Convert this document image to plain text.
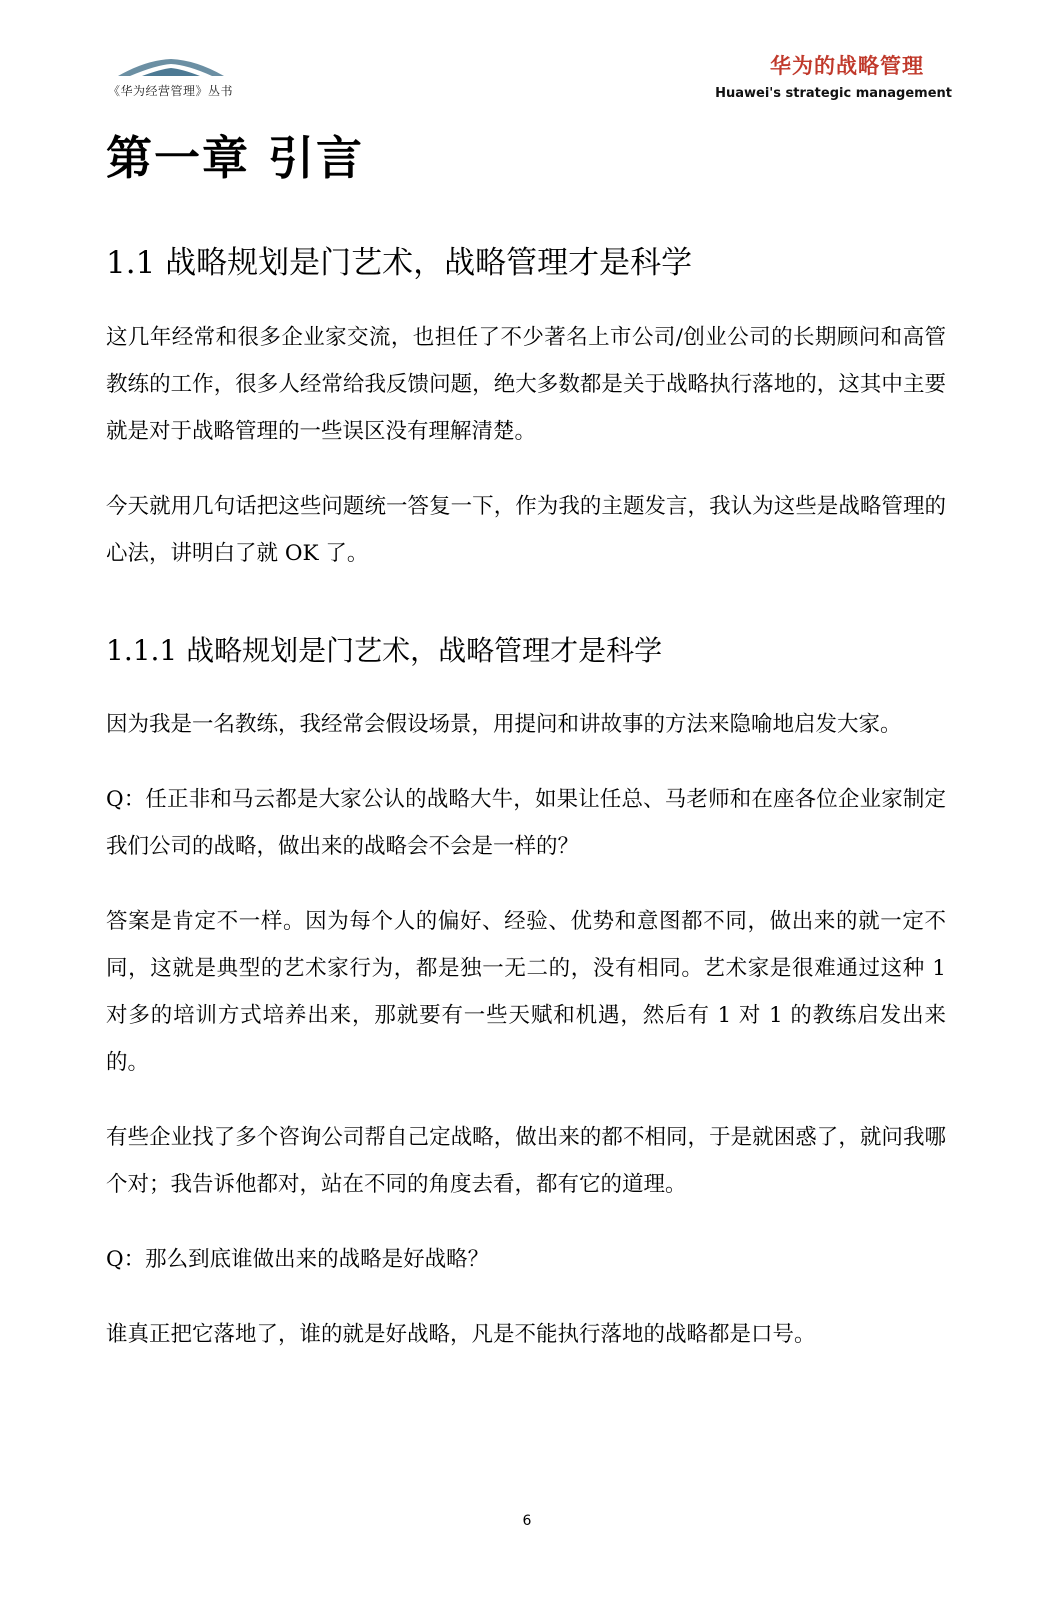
《华为经营管理》丛书
华为的战略管理
Huawei's strategic management
第一章 引言
1.1 战略规划是门艺术，战略管理才是科学

这几年经常和很多企业家交流，也担任了不少著名上市公司/创业公司的长期顾问和高管教练的工作，很多人经常给我反馈问题，绝大多数都是关于战略执行落地的，这其中主要就是对于战略管理的一些误区没有理解清楚。

今天就用几句话把这些问题统一答复一下，作为我的主题发言，我认为这些是战略管理的心法，讲明白了就 OK 了。

1.1.1 战略规划是门艺术，战略管理才是科学

因为我是一名教练，我经常会假设场景，用提问和讲故事的方法来隐喻地启发大家。

Q：任正非和马云都是大家公认的战略大牛，如果让任总、马老师和在座各位企业家制定我们公司的战略，做出来的战略会不会是一样的？

答案是肯定不一样。因为每个人的偏好、经验、优势和意图都不同，做出来的就一定不同，这就是典型的艺术家行为，都是独一无二的，没有相同。艺术家是很难通过这种 1 对多的培训方式培养出来，那就要有一些天赋和机遇，然后有 1 对 1 的教练启发出来的。

有些企业找了多个咨询公司帮自己定战略，做出来的都不相同，于是就困惑了，就问我哪个对；我告诉他都对，站在不同的角度去看，都有它的道理。

Q：那么到底谁做出来的战略是好战略？

谁真正把它落地了，谁的就是好战略，凡是不能执行落地的战略都是口号。

6
